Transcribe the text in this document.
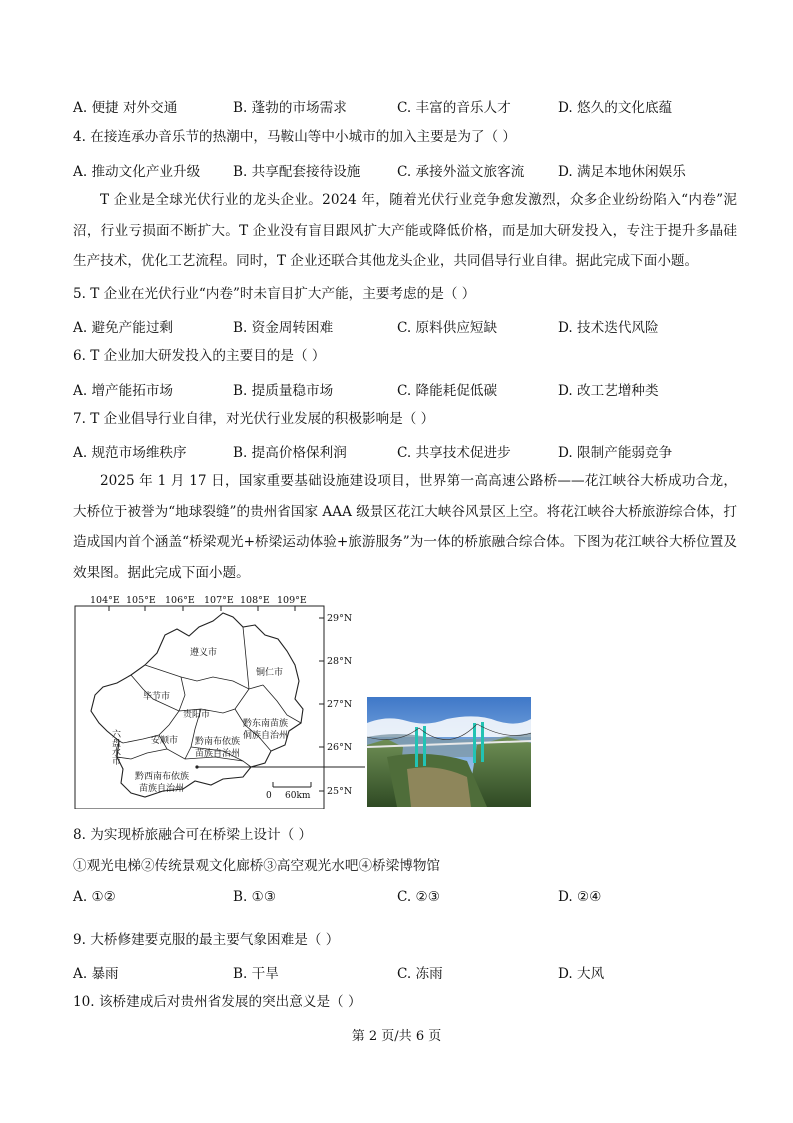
A. 便捷 对外交通	B. 蓬勃的市场需求	C. 丰富的音乐人才	D. 悠久的文化底蕴
4. 在接连承办音乐节的热潮中，马鞍山等中小城市的加入主要是为了（ ）
A. 推动文化产业升级 B. 共享配套接待设施	C. 承接外溢文旅客流 D. 满足本地休闲娱乐
T 企业是全球光伏行业的龙头企业。2024 年，随着光伏行业竞争愈发激烈，众多企业纷纷陷入“内卷”泥沼，行业亏损面不断扩大。T 企业没有盲目跟风扩大产能或降低价格，而是加大研发投入，专注于提升多晶硅生产技术，优化工艺流程。同时，T 企业还联合其他龙头企业，共同倡导行业自律。据此完成下面小题。
5. T 企业在光伏行业“内卷”时未盲目扩大产能，主要考虑的是（ ）
A. 避免产能过剩	B. 资金周转困难	C. 原料供应短缺	D. 技术迭代风险
6. T 企业加大研发投入的主要目的是（ ）
A. 增产能拓市场	B. 提质量稳市场	C. 降能耗促低碳	D. 改工艺增种类
7. T 企业倡导行业自律，对光伏行业发展的积极影响是（ ）
A. 规范市场维秩序	B. 提高价格保利润	C. 共享技术促进步	D. 限制产能弱竞争
2025 年 1 月 17 日，国家重要基础设施建设项目，世界第一高高速公路桥——花江峡谷大桥成功合龙，大桥位于被誉为“地球裂缝”的贵州省国家 AAA 级景区花江大峡谷风景区上空。将花江峡谷大桥旅游综合体，打造成国内首个涵盖“桥梁观光+桥梁运动体验+旅游服务”为一体的桥旅融合综合体。下图为花江峡谷大桥位置及效果图。据此完成下面小题。
104°E 105°E 106°E 107°E 108°E 109°E
29°N
28°N
27°N
26°N
25°N
遵义市
铜仁市
毕节市
贵阳市
黔东南苗族
侗族自治州
安顺市 黔南布依族
苗族自治州
黔西南布依族
苗族自治州
六盘水市
0 60km
8. 为实现桥旅融合可在桥梁上设计（ ）
①观光电梯②传统景观文化廊桥③高空观光水吧④桥梁博物馆
A. ①②	B. ①③	C. ②③	D. ②④
9. 大桥修建要克服的最主要气象困难是（ ）
A. 暴雨	B. 干旱	C. 冻雨	D. 大风
10. 该桥建成后对贵州省发展的突出意义是（ ）
第 2 页/共 6 页
